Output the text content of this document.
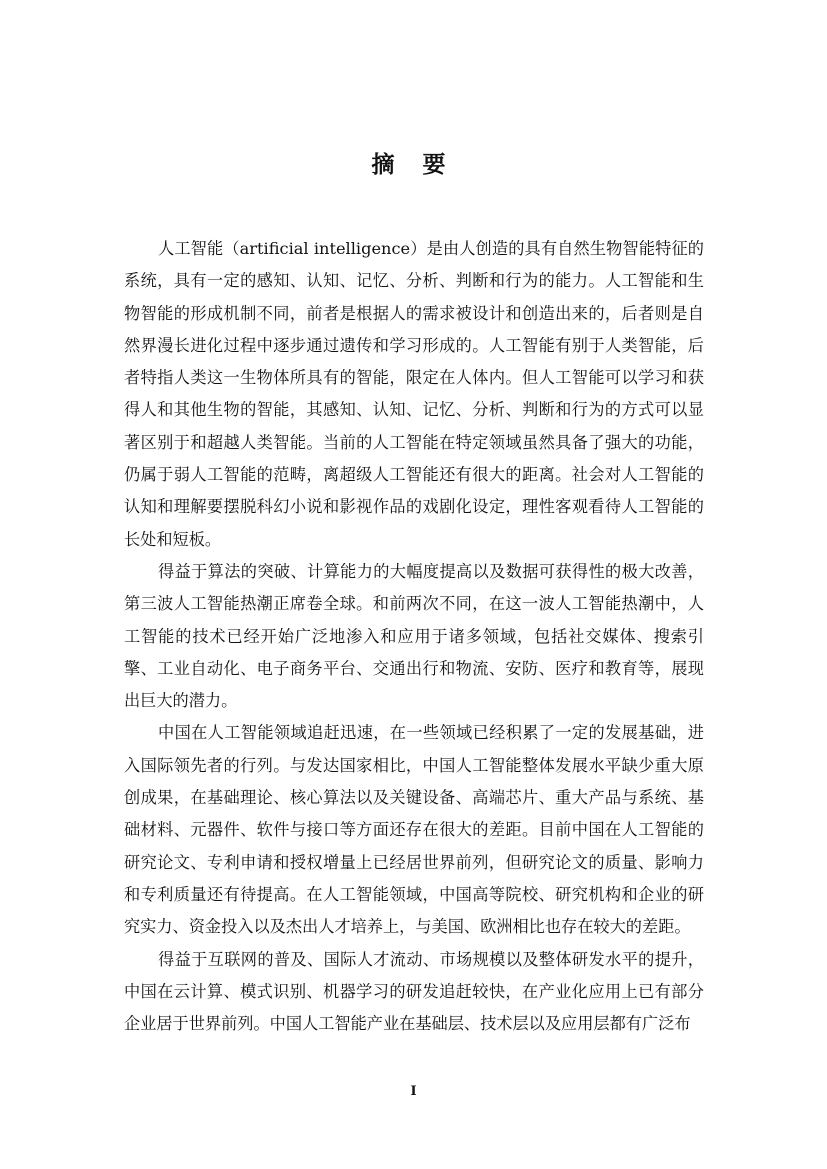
摘 要

人工智能（artificial intelligence）是由人创造的具有自然生物智能特征的系统，具有一定的感知、认知、记忆、分析、判断和行为的能力。人工智能和生物智能的形成机制不同，前者是根据人的需求被设计和创造出来的，后者则是自然界漫长进化过程中逐步通过遗传和学习形成的。人工智能有别于人类智能，后者特指人类这一生物体所具有的智能，限定在人体内。但人工智能可以学习和获得人和其他生物的智能，其感知、认知、记忆、分析、判断和行为的方式可以显著区别于和超越人类智能。当前的人工智能在特定领域虽然具备了强大的功能，仍属于弱人工智能的范畴，离超级人工智能还有很大的距离。社会对人工智能的认知和理解要摆脱科幻小说和影视作品的戏剧化设定，理性客观看待人工智能的长处和短板。

得益于算法的突破、计算能力的大幅度提高以及数据可获得性的极大改善，第三波人工智能热潮正席卷全球。和前两次不同，在这一波人工智能热潮中，人工智能的技术已经开始广泛地渗入和应用于诸多领域，包括社交媒体、搜索引擎、工业自动化、电子商务平台、交通出行和物流、安防、医疗和教育等，展现出巨大的潜力。

中国在人工智能领域追赶迅速，在一些领域已经积累了一定的发展基础，进入国际领先者的行列。与发达国家相比，中国人工智能整体发展水平缺少重大原创成果，在基础理论、核心算法以及关键设备、高端芯片、重大产品与系统、基础材料、元器件、软件与接口等方面还存在很大的差距。目前中国在人工智能的研究论文、专利申请和授权增量上已经居世界前列，但研究论文的质量、影响力和专利质量还有待提高。在人工智能领域，中国高等院校、研究机构和企业的研究实力、资金投入以及杰出人才培养上，与美国、欧洲相比也存在较大的差距。

得益于互联网的普及、国际人才流动、市场规模以及整体研发水平的提升，中国在云计算、模式识别、机器学习的研发追赶较快，在产业化应用上已有部分企业居于世界前列。中国人工智能产业在基础层、技术层以及应用层都有广泛布

I
